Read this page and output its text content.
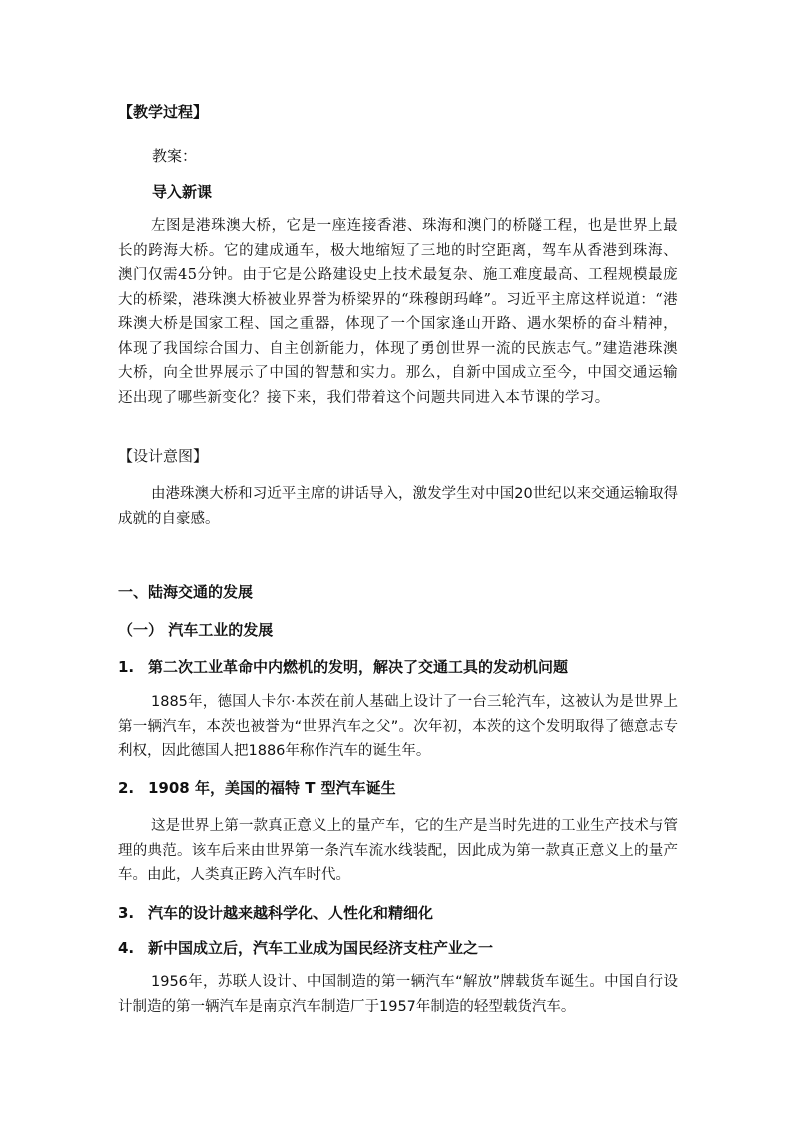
【教学过程】

教案：

导入新课

左图是港珠澳大桥，它是一座连接香港、珠海和澳门的桥隧工程，也是世界上最长的跨海大桥。它的建成通车，极大地缩短了三地的时空距离，驾车从香港到珠海、澳门仅需45分钟。由于它是公路建设史上技术最复杂、施工难度最高、工程规模最庞大的桥梁，港珠澳大桥被业界誉为桥梁界的“珠穆朗玛峰”。习近平主席这样说道：“港珠澳大桥是国家工程、国之重器，体现了一个国家逢山开路、遇水架桥的奋斗精神，体现了我国综合国力、自主创新能力，体现了勇创世界一流的民族志气。”建造港珠澳大桥，向全世界展示了中国的智慧和实力。那么，自新中国成立至今，中国交通运输还出现了哪些新变化？接下来，我们带着这个问题共同进入本节课的学习。

【设计意图】

由港珠澳大桥和习近平主席的讲话导入，激发学生对中国20世纪以来交通运输取得成就的自豪感。

一、陆海交通的发展

（一） 汽车工业的发展

1. 第二次工业革命中内燃机的发明，解决了交通工具的发动机问题

1885年，德国人卡尔·本茨在前人基础上设计了一台三轮汽车，这被认为是世界上第一辆汽车，本茨也被誉为“世界汽车之父”。次年初，本茨的这个发明取得了德意志专利权，因此德国人把1886年称作汽车的诞生年。

2. 1908 年，美国的福特 T 型汽车诞生

这是世界上第一款真正意义上的量产车，它的生产是当时先进的工业生产技术与管理的典范。该车后来由世界第一条汽车流水线装配，因此成为第一款真正意义上的量产车。由此，人类真正跨入汽车时代。

3. 汽车的设计越来越科学化、人性化和精细化

4. 新中国成立后，汽车工业成为国民经济支柱产业之一

1956年，苏联人设计、中国制造的第一辆汽车“解放”牌载货车诞生。中国自行设计制造的第一辆汽车是南京汽车制造厂于1957年制造的轻型载货汽车。
